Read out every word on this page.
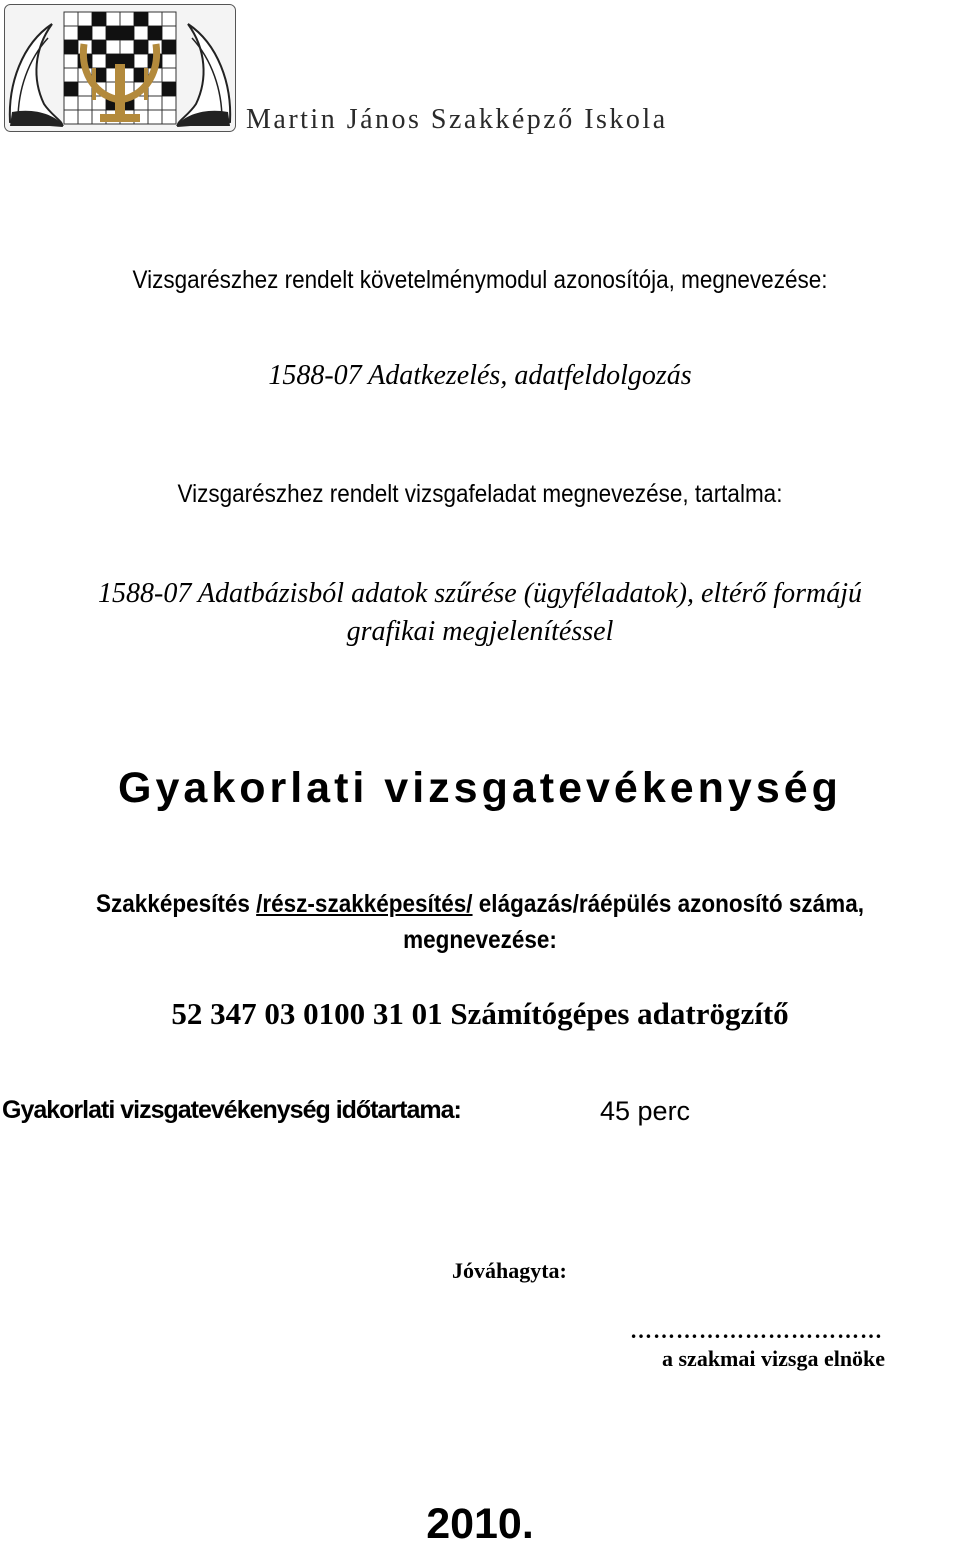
Martin János Szakképző Iskola
Vizsgarészhez rendelt követelménymodul azonosítója, megnevezése:
1588-07 Adatkezelés, adatfeldolgozás
Vizsgarészhez rendelt vizsgafeladat megnevezése, tartalma:
1588-07 Adatbázisból adatok szűrése (ügyféladatok), eltérő formájú
grafikai megjelenítéssel
Gyakorlati vizsgatevékenység
Szakképesítés /rész-szakképesítés/ elágazás/ráépülés azonosító száma,
megnevezése:
52 347 03 0100 31 01 Számítógépes adatrögzítő
Gyakorlati vizsgatevékenység időtartama:	45 perc
Jóváhagyta:
……………………………
a szakmai vizsga elnöke
2010.
